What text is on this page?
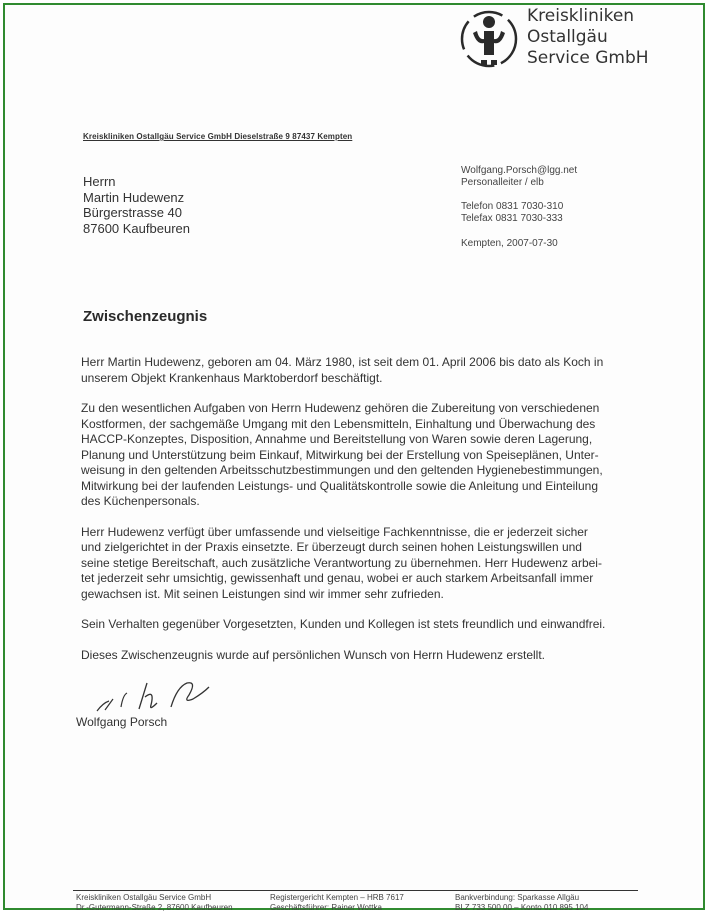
Kreiskliniken
Ostallgäu
Service GmbH
Kreiskliniken Ostallgäu Service GmbH Dieselstraße 9 87437 Kempten
Herrn
Martin Hudewenz
Bürgerstrasse 40
87600 Kaufbeuren
Wolfgang.Porsch@lgg.net
Personalleiter / elb
Telefon 0831 7030-310
Telefax 0831 7030-333
Kempten, 2007-07-30
Zwischenzeugnis
Herr Martin Hudewenz, geboren am 04. März 1980, ist seit dem 01. April 2006 bis dato als Koch in
unserem Objekt Krankenhaus Marktoberdorf beschäftigt.
Zu den wesentlichen Aufgaben von Herrn Hudewenz gehören die Zubereitung von verschiedenen
Kostformen, der sachgemäße Umgang mit den Lebensmitteln, Einhaltung und Überwachung des
HACCP-Konzeptes, Disposition, Annahme und Bereitstellung von Waren sowie deren Lagerung,
Planung und Unterstützung beim Einkauf, Mitwirkung bei der Erstellung von Speiseplänen, Unter-
weisung in den geltenden Arbeitsschutzbestimmungen und den geltenden Hygienebestimmungen,
Mitwirkung bei der laufenden Leistungs- und Qualitätskontrolle sowie die Anleitung und Einteilung
des Küchenpersonals.
Herr Hudewenz verfügt über umfassende und vielseitige Fachkenntnisse, die er jederzeit sicher
und zielgerichtet in der Praxis einsetzte. Er überzeugt durch seinen hohen Leistungswillen und
seine stetige Bereitschaft, auch zusätzliche Verantwortung zu übernehmen. Herr Hudewenz arbei-
tet jederzeit sehr umsichtig, gewissenhaft und genau, wobei er auch starkem Arbeitsanfall immer
gewachsen ist. Mit seinen Leistungen sind wir immer sehr zufrieden.
Sein Verhalten gegenüber Vorgesetzten, Kunden und Kollegen ist stets freundlich und einwandfrei.
Dieses Zwischenzeugnis wurde auf persönlichen Wunsch von Herrn Hudewenz erstellt.
Wolfgang Porsch
Kreiskliniken Ostallgäu Service GmbH
Dr.-Gutermann-Straße 2, 87600 Kaufbeuren
Registergericht Kempten – HRB 7617
Geschäftsführer: Rainer Wottka
Bankverbindung: Sparkasse Allgäu
BLZ 733 500 00 – Konto 010 895 104
